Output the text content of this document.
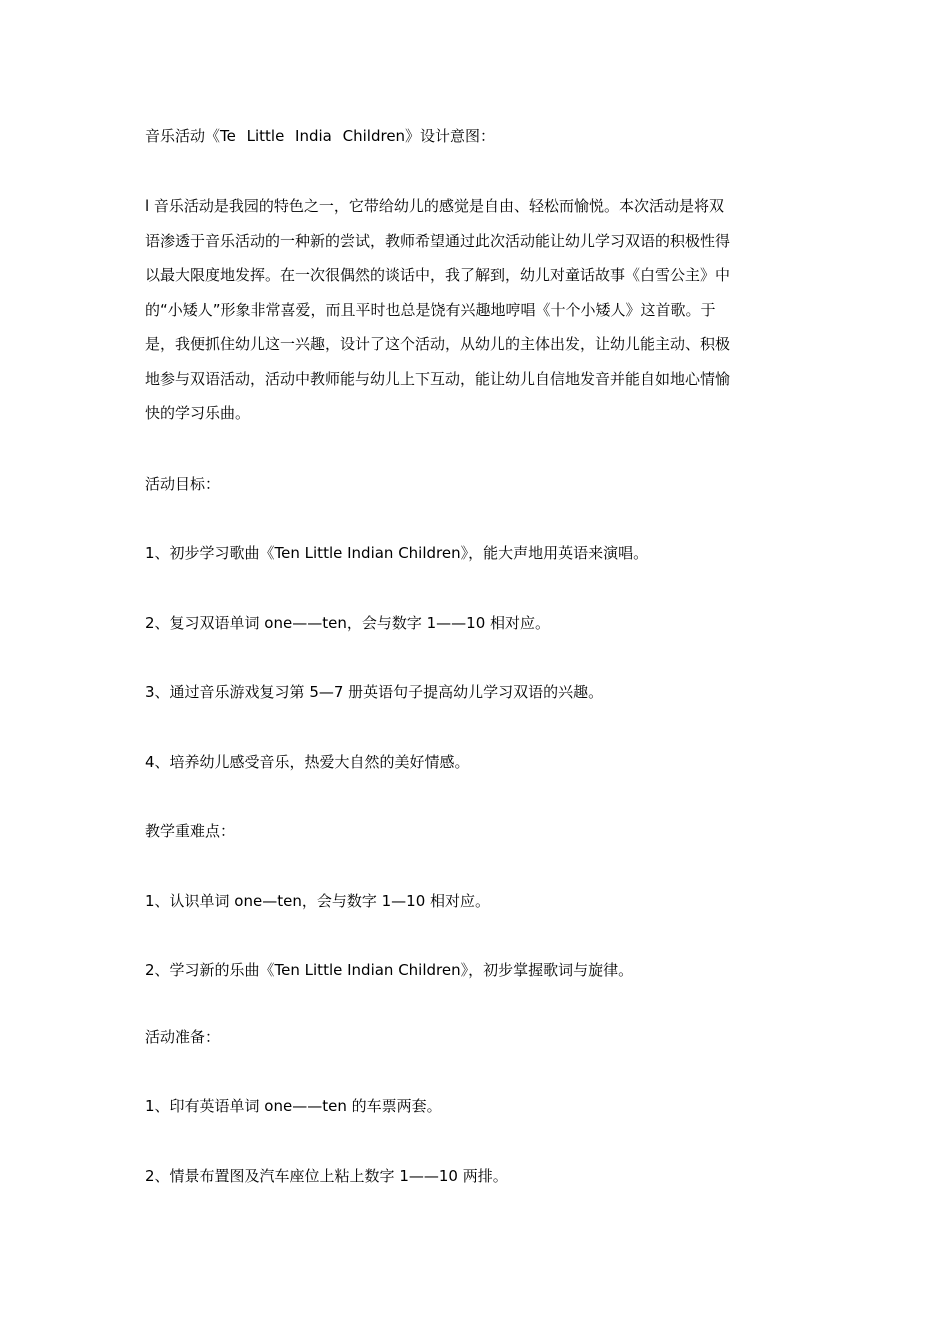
音乐活动《Te Little India Children》设计意图：
l 音乐活动是我园的特色之一，它带给幼儿的感觉是自由、轻松而愉悦。本次活动是将双
语渗透于音乐活动的一种新的尝试，教师希望通过此次活动能让幼儿学习双语的积极性得
以最大限度地发挥。在一次很偶然的谈话中，我了解到，幼儿对童话故事《白雪公主》中
的“小矮人”形象非常喜爱，而且平时也总是饶有兴趣地哼唱《十个小矮人》这首歌。于
是，我便抓住幼儿这一兴趣，设计了这个活动，从幼儿的主体出发，让幼儿能主动、积极
地参与双语活动，活动中教师能与幼儿上下互动，能让幼儿自信地发音并能自如地心情愉
快的学习乐曲。
活动目标：
1、初步学习歌曲《Ten Little Indian Children》，能大声地用英语来演唱。
2、复习双语单词 one——ten，会与数字 1——10 相对应。
3、通过音乐游戏复习第 5—7 册英语句子提高幼儿学习双语的兴趣。
4、培养幼儿感受音乐，热爱大自然的美好情感。
教学重难点：
1、认识单词 one—ten，会与数字 1—10 相对应。
2、学习新的乐曲《Ten Little Indian Children》，初步掌握歌词与旋律。
活动准备：
1、印有英语单词 one——ten 的车票两套。
2、情景布置图及汽车座位上粘上数字 1——10 两排。
